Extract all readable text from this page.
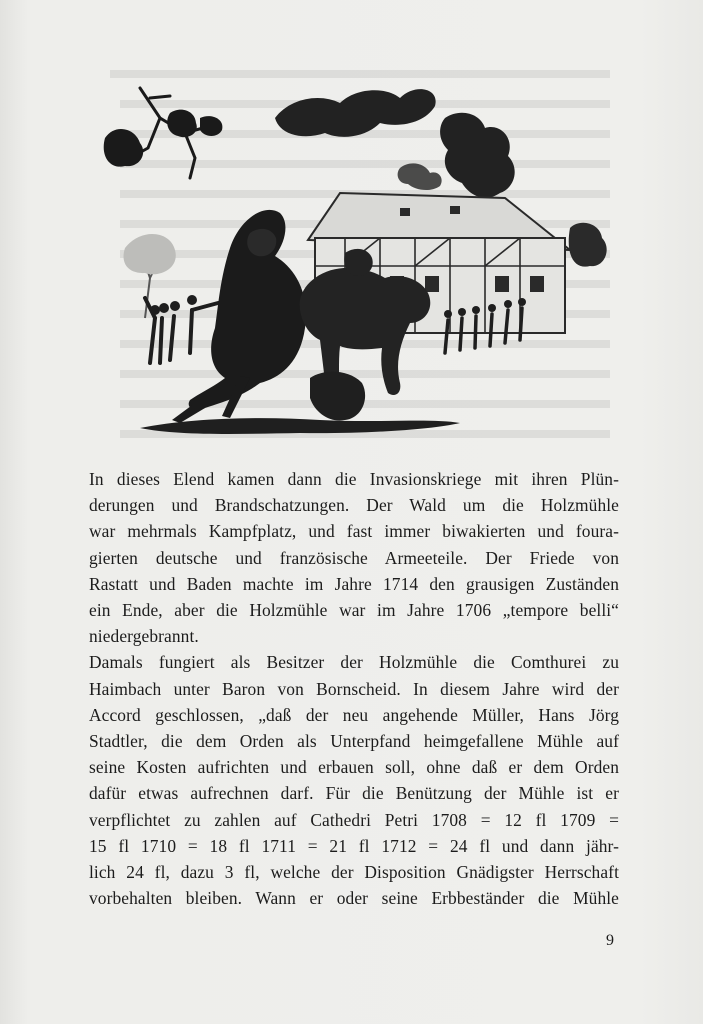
In dieses Elend kamen dann die Invasionskriege mit ihren Plün-
derungen und Brandschatzungen. Der Wald um die Holzmühle
war mehrmals Kampfplatz, und fast immer biwakierten und foura-
gierten deutsche und französische Armeeteile. Der Friede von
Rastatt und Baden machte im Jahre 1714 den grausigen Zuständen
ein Ende, aber die Holzmühle war im Jahre 1706 „tempore belli“
niedergebrannt.

Damals fungiert als Besitzer der Holzmühle die Comthurei zu
Haimbach unter Baron von Bornscheid. In diesem Jahre wird der
Accord geschlossen, „daß der neu angehende Müller, Hans Jörg
Stadtler, die dem Orden als Unterpfand heimgefallene Mühle auf
seine Kosten aufrichten und erbauen soll, ohne daß er dem Orden
dafür etwas aufrechnen darf. Für die Benützung der Mühle ist er
verpflichtet zu zahlen auf Cathedri Petri 1708 = 12 fl 1709 =
15 fl 1710 = 18 fl 1711 = 21 fl 1712 = 24 fl und dann jähr-
lich 24 fl, dazu 3 fl, welche der Disposition Gnädigster Herrschaft
vorbehalten bleiben. Wann er oder seine Erbbeständer die Mühle

9
